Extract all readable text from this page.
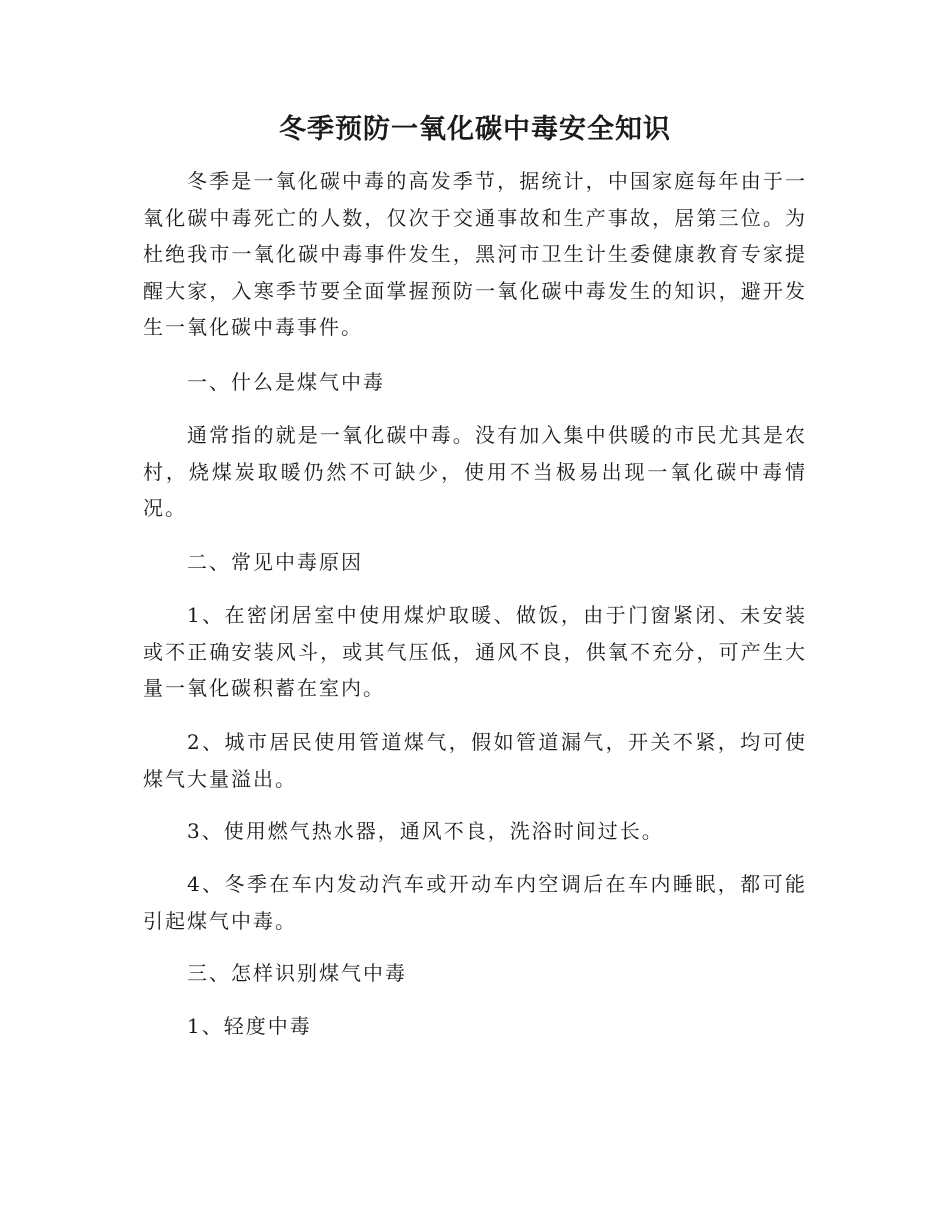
冬季预防一氧化碳中毒安全知识

冬季是一氧化碳中毒的高发季节，据统计，中国家庭每年由于一氧化碳中毒死亡的人数，仅次于交通事故和生产事故，居第三位。为杜绝我市一氧化碳中毒事件发生，黑河市卫生计生委健康教育专家提醒大家，入寒季节要全面掌握预防一氧化碳中毒发生的知识，避开发生一氧化碳中毒事件。

一、什么是煤气中毒

通常指的就是一氧化碳中毒。没有加入集中供暖的市民尤其是农村，烧煤炭取暖仍然不可缺少，使用不当极易出现一氧化碳中毒情况。

二、常见中毒原因

1、在密闭居室中使用煤炉取暖、做饭，由于门窗紧闭、未安装或不正确安装风斗，或其气压低，通风不良，供氧不充分，可产生大量一氧化碳积蓄在室内。

2、城市居民使用管道煤气，假如管道漏气，开关不紧，均可使煤气大量溢出。

3、使用燃气热水器，通风不良，洗浴时间过长。

4、冬季在车内发动汽车或开动车内空调后在车内睡眠，都可能引起煤气中毒。

三、怎样识别煤气中毒

1、轻度中毒
